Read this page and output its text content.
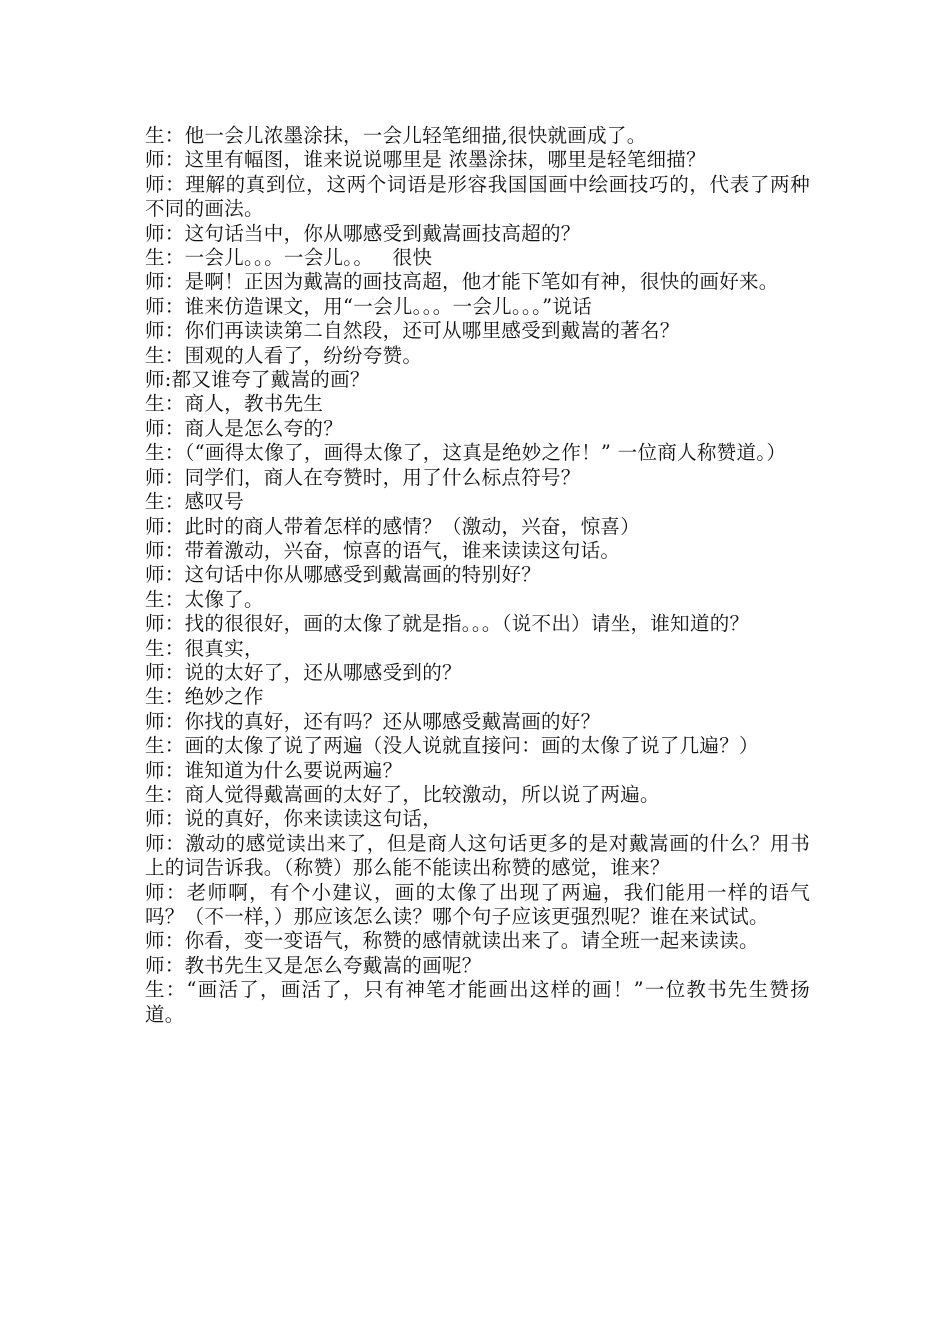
生：他一会儿浓墨涂抹，一会儿轻笔细描,很快就画成了。

师：这里有幅图，谁来说说哪里是 浓墨涂抹，哪里是轻笔细描？

师：理解的真到位，这两个词语是形容我国国画中绘画技巧的，代表了两种不同的画法。

师：这句话当中，你从哪感受到戴嵩画技高超的？

生：一会儿。。。一会儿。。   很快

师：是啊！正因为戴嵩的画技高超，他才能下笔如有神，很快的画好来。

师：谁来仿造课文，用“一会儿。。。一会儿。。。”说话

师：你们再读读第二自然段，还可从哪里感受到戴嵩的著名？

生：围观的人看了，纷纷夸赞。

师:都又谁夸了戴嵩的画？

生：商人，教书先生

师：商人是怎么夸的？

生：（“画得太像了，画得太像了，这真是绝妙之作！” 一位商人称赞道。）

师：同学们，商人在夸赞时，用了什么标点符号？

生：感叹号

师：此时的商人带着怎样的感情？（激动，兴奋，惊喜）

师：带着激动，兴奋，惊喜的语气，谁来读读这句话。

师：这句话中你从哪感受到戴嵩画的特别好？

生：太像了。

师：找的很很好，画的太像了就是指。。。（说不出）请坐，谁知道的？

生：很真实，

师：说的太好了，还从哪感受到的？

生：绝妙之作

师：你找的真好，还有吗？还从哪感受戴嵩画的好？

生：画的太像了说了两遍（没人说就直接问：画的太像了说了几遍？）

师：谁知道为什么要说两遍？

生：商人觉得戴嵩画的太好了，比较激动，所以说了两遍。

师：说的真好，你来读读这句话，

师：激动的感觉读出来了，但是商人这句话更多的是对戴嵩画的什么？用书上的词告诉我。（称赞）那么能不能读出称赞的感觉，谁来？

师：老师啊，有个小建议，画的太像了出现了两遍，我们能用一样的语气吗？（不一样，）那应该怎么读？哪个句子应该更强烈呢？谁在来试试。

师：你看，变一变语气，称赞的感情就读出来了。请全班一起来读读。

师：教书先生又是怎么夸戴嵩的画呢？

生：“画活了，画活了，只有神笔才能画出这样的画！”一位教书先生赞扬道。
